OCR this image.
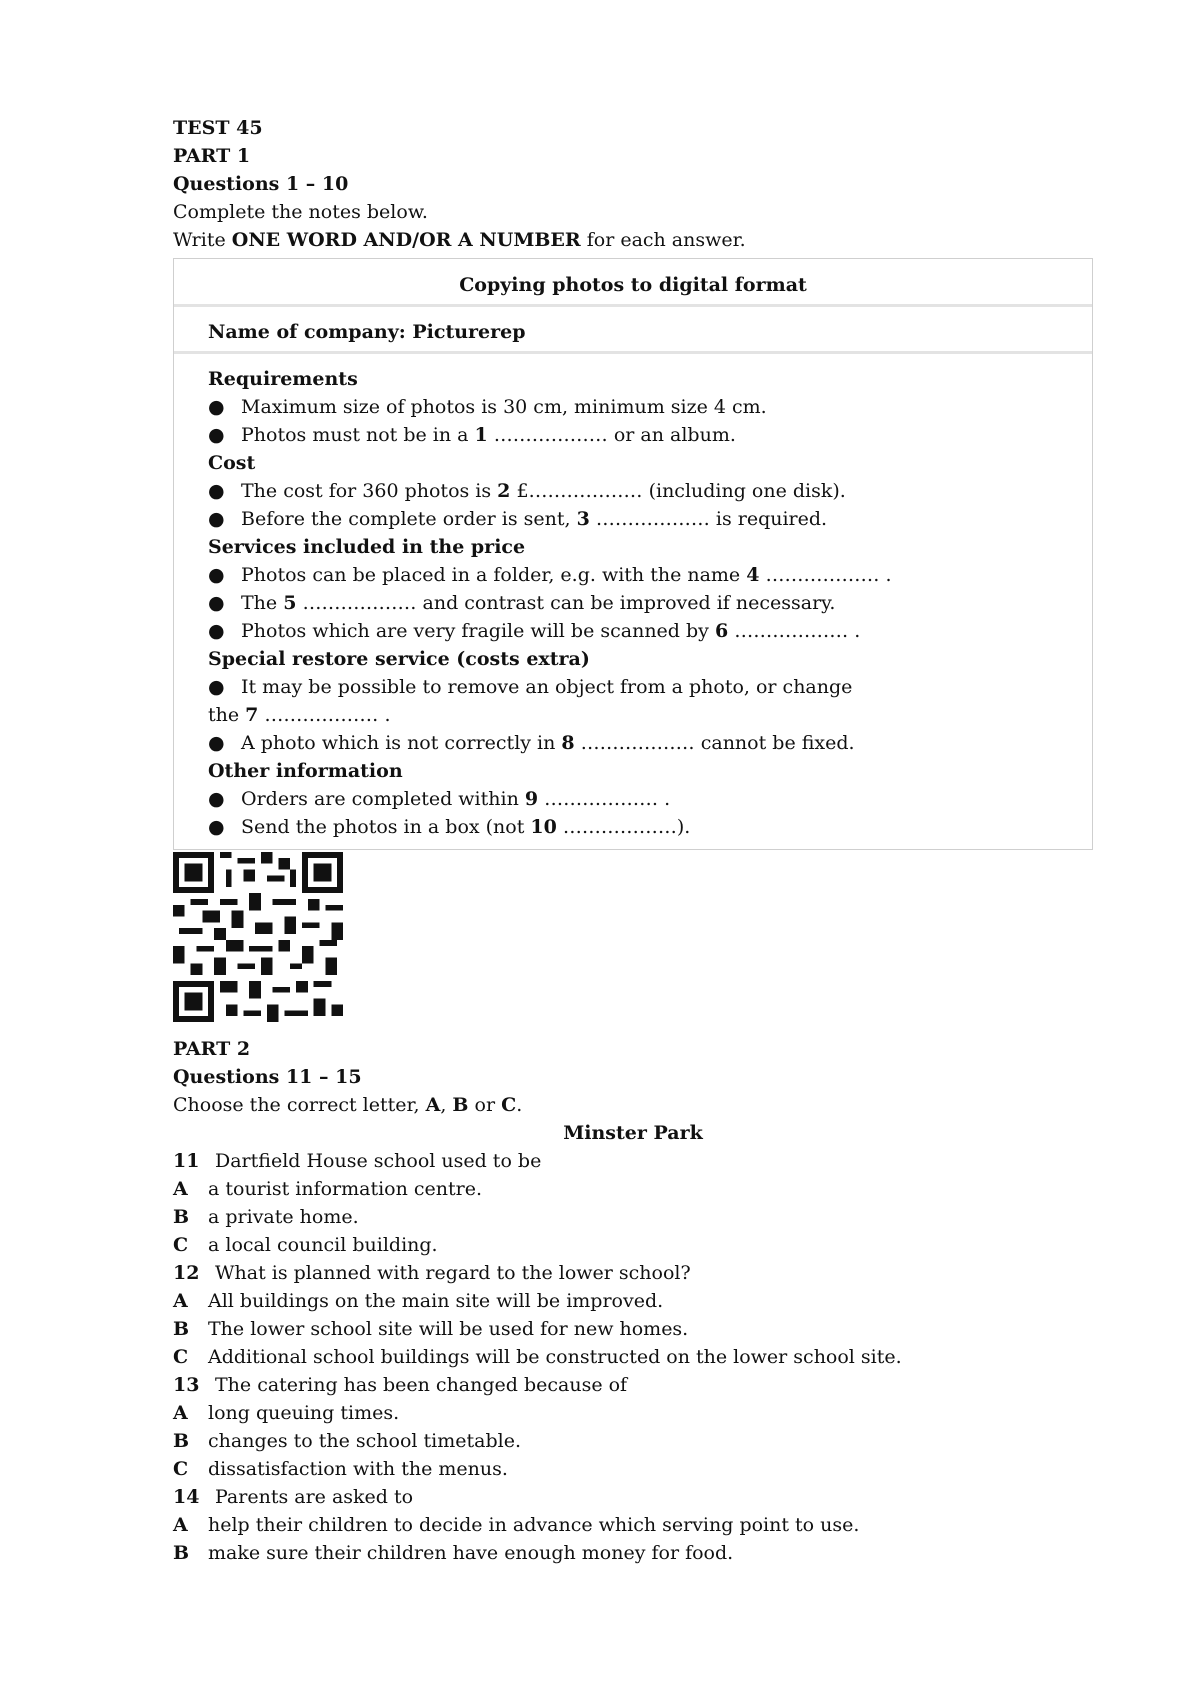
TEST 45
PART 1
Questions 1 – 10
Complete the notes below.
Write ONE WORD AND/OR A NUMBER for each answer.
Copying photos to digital format
Name of company: Picturerep
Requirements
● Maximum size of photos is 30 cm, minimum size 4 cm.
● Photos must not be in a 1 ……………… or an album.
Cost
● The cost for 360 photos is 2 £……………… (including one disk).
● Before the complete order is sent, 3 ……………… is required.
Services included in the price
● Photos can be placed in a folder, e.g. with the name 4 ……………… .
● The 5 ……………… and contrast can be improved if necessary.
● Photos which are very fragile will be scanned by 6 ……………… .
Special restore service (costs extra)
● It may be possible to remove an object from a photo, or change
the 7 ……………… .
● A photo which is not correctly in 8 ……………… cannot be fixed.
Other information
● Orders are completed within 9 ……………… .
● Send the photos in a box (not 10 ………………).
PART 2
Questions 11 – 15
Choose the correct letter, A, B or C.
Minster Park
11 Dartfield House school used to be
A a tourist information centre.
B a private home.
C a local council building.
12 What is planned with regard to the lower school?
A All buildings on the main site will be improved.
B The lower school site will be used for new homes.
C Additional school buildings will be constructed on the lower school site.
13 The catering has been changed because of
A long queuing times.
B changes to the school timetable.
C dissatisfaction with the menus.
14 Parents are asked to
A help their children to decide in advance which serving point to use.
B make sure their children have enough money for food.
